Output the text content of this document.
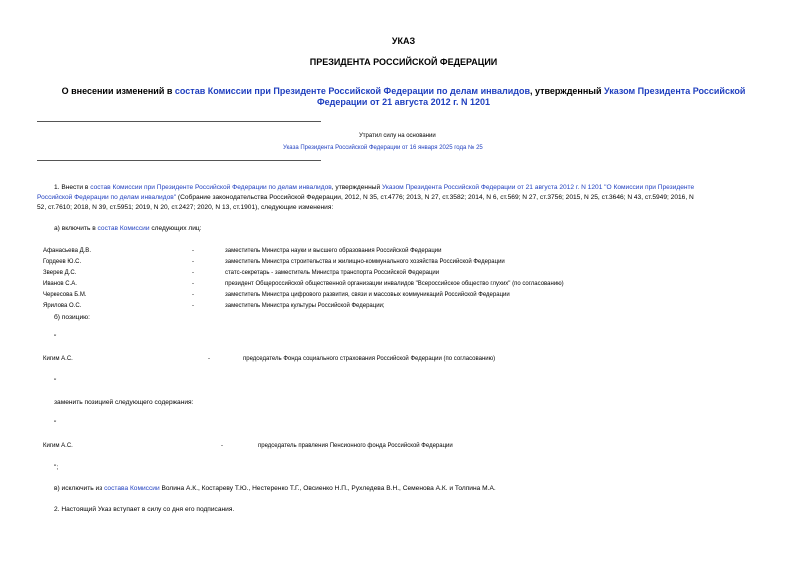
УКАЗ
ПРЕЗИДЕНТА РОССИЙСКОЙ ФЕДЕРАЦИИ
О внесении изменений в состав Комиссии при Президенте Российской Федерации по делам инвалидов, утвержденный Указом Президента Российской Федерации от 21 августа 2012 г. N 1201
Утратил силу на основании
Указа Президента Российской Федерации от 16 января 2025 года № 25
1. Внести в состав Комиссии при Президенте Российской Федерации по делам инвалидов, утвержденный Указом Президента Российской Федерации от 21 августа 2012 г. N 1201 "О Комиссии при Президенте
Российской Федерации по делам инвалидов" (Собрание законодательства Российской Федерации, 2012, N 35, ст.4776; 2013, N 27, ст.3582; 2014, N 6, ст.569; N 27, ст.3756; 2015, N 25, ст.3646; N 43, ст.5949; 2016, N
52, ст.7610; 2018, N 39, ст.5951; 2019, N 20, ст.2427; 2020, N 13, ст.1901), следующие изменения:
а) включить в состав Комиссии следующих лиц:
Афанасьева Д.В.	-	заместитель Министра науки и высшего образования Российской Федерации
Гордеев Ю.С.	-	заместитель Министра строительства и жилищно-коммунального хозяйства Российской Федерации
Зверев Д.С.	-	статс-секретарь - заместитель Министра транспорта Российской Федерации
Иванов С.А.	-	президент Общероссийской общественной организации инвалидов "Всероссийское общество глухих" (по согласованию)
Черкесова Б.М.	-	заместитель Министра цифрового развития, связи и массовых коммуникаций Российской Федерации
Ярилова О.С.	-	заместитель Министра культуры Российской Федерации;
б) позицию:
"
Кигим А.С.	-	председатель Фонда социального страхования Российской Федерации (по согласованию)
"
заменить позицией следующего содержания:
"
Кигим А.С.	-	председатель правления Пенсионного фонда Российской Федерации
";
в) исключить из состава Комиссии Волина А.К., Костареву Т.Ю., Нестеренко Т.Г., Овсиенко Н.П., Рухледева В.Н., Семенова А.К. и Толпина М.А.
2. Настоящий Указ вступает в силу со дня его подписания.
